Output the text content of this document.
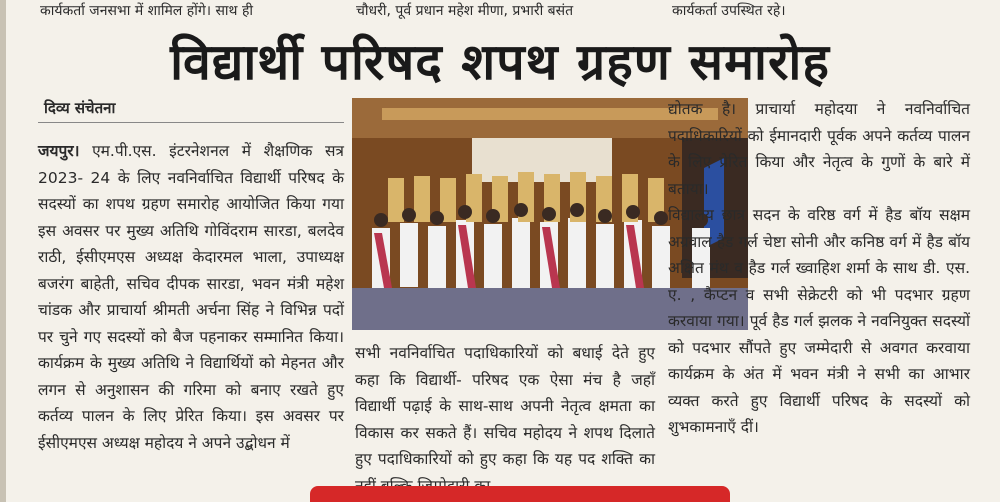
कार्यकर्ता जनसभा में शामिल होंगे। साथ ही	चौधरी, पूर्व प्रधान महेश मीणा, प्रभारी बसंत	कार्यकर्ता उपस्थित रहे।
विद्यार्थी परिषद शपथ ग्रहण समारोह
दिव्य संचेतना

जयपुर। एम.पी.एस. इंटरनेशनल में शैक्षणिक सत्र 2023- 24 के लिए नवनिर्वाचित विद्यार्थी परिषद के सदस्यों का शपथ ग्रहण समारोह आयोजित किया गया इस अवसर पर मुख्य अतिथि गोविंदराम सारडा, बलदेव राठी, ईसीएमएस अध्यक्ष केदारमल भाला, उपाध्यक्ष बजरंग बाहेती, सचिव दीपक सारडा, भवन मंत्री महेश चांडक और प्राचार्या श्रीमती अर्चना सिंह ने विभिन्न पदों पर चुने गए सदस्यों को बैज पहनाकर सम्मानित किया। कार्यक्रम के मुख्य अतिथि ने विद्यार्थियों को मेहनत और लगन से अनुशासन की गरिमा को बनाए रखते हुए कर्तव्य पालन के लिए प्रेरित किया। इस अवसर पर ईसीएमएस अध्यक्ष महोदय ने अपने उद्बोधन में

सभी नवनिर्वाचित पदाधिकारियों को बधाई देते हुए कहा कि विद्यार्थी- परिषद एक ऐसा मंच है जहाँ विद्यार्थी पढ़ाई के साथ-साथ अपनी नेतृत्व क्षमता का विकास कर सकते हैं। सचिव महोदय ने शपथ दिलाते हुए पदाधिकारियों को हुए कहा कि यह पद शक्ति का

द्योतक है। प्राचार्या महोदया ने नवनिर्वाचित पदाधिकारियों को ईमानदारी पूर्वक अपने कर्तव्य पालन के लिए प्रेरित किया और नेतृत्व के गुणों के बारे में बताया।

विद्यालय छात्र सदन के वरिष्ठ वर्ग में हैड बॉय सक्षम अग्रवाल हैड गर्ल चेष्टा सोनी और कनिष्ठ वर्ग में हैड बॉय अक्षित मंथ व हैड गर्ल ख्वाहिश शर्मा के साथ डी. एस. ए. , कैप्टन व सभी सेक्रेटरी को भी पदभार ग्रहण करवाया गया। पूर्व हैड गर्ल झलक ने नवनियुक्त सदस्यों को पदभार सौंपते हुए जम्मेदारी से अवगत करवाया कार्यक्रम के अंत में भवन मंत्री ने सभी का आभार व्यक्त करते हुए विद्यार्थी परिषद के सदस्यों को शुभकामनाएँ दीं।
